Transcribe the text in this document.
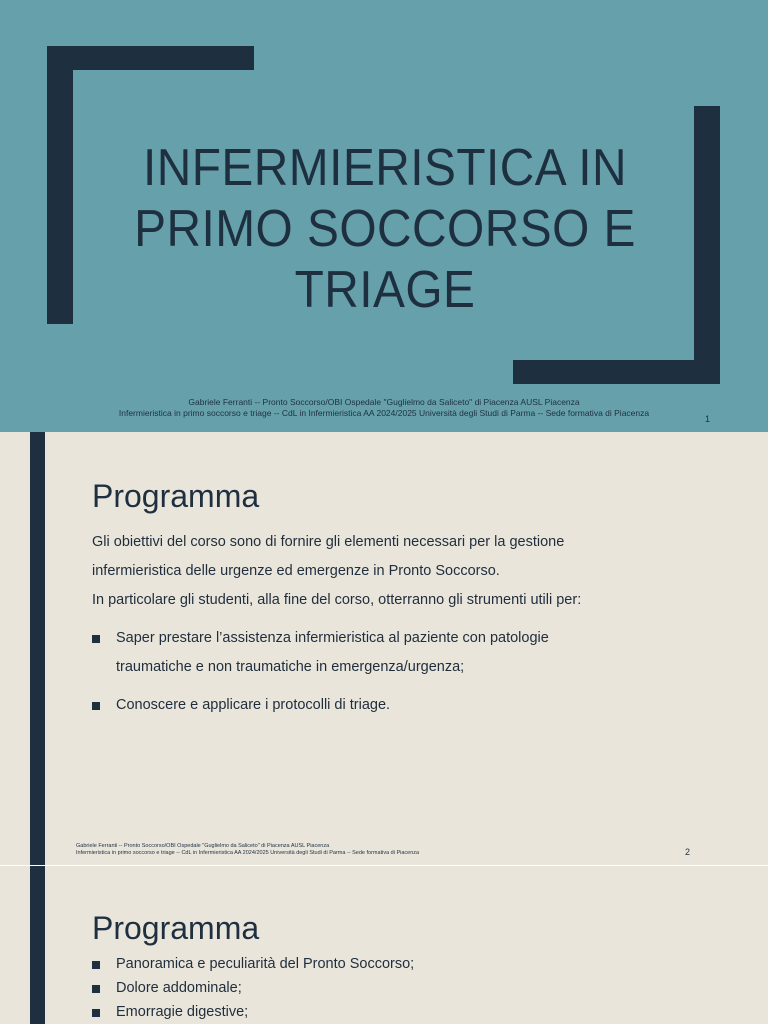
INFERMIERISTICA IN
PRIMO SOCCORSO E
TRIAGE
Gabriele Ferranti -- Pronto Soccorso/OBI Ospedale "Guglielmo da Saliceto" di Piacenza AUSL Piacenza
Infermieristica in primo soccorso e triage -- CdL in Infermieristica AA 2024/2025 Università degli Studi di Parma -- Sede formativa di Piacenza
1
Programma
Gli obiettivi del corso sono di fornire gli elementi necessari per la gestione
infermieristica delle urgenze ed emergenze in Pronto Soccorso.
In particolare gli studenti, alla fine del corso, otterranno gli strumenti utili per:
Saper prestare l’assistenza infermieristica al paziente con patologie
traumatiche e non traumatiche in emergenza/urgenza;
Conoscere e applicare i protocolli di triage.
Gabriele Ferranti -- Pronto Soccorso/OBI Ospedale "Guglielmo da Saliceto" di Piacenza AUSL Piacenza
Infermieristica in primo soccorso e triage -- CdL in Infermieristica AA 2024/2025 Università degli Studi di Parma -- Sede formativa di Piacenza	2
Programma
Panoramica e peculiarità del Pronto Soccorso;
Dolore addominale;
Emorragie digestive;
